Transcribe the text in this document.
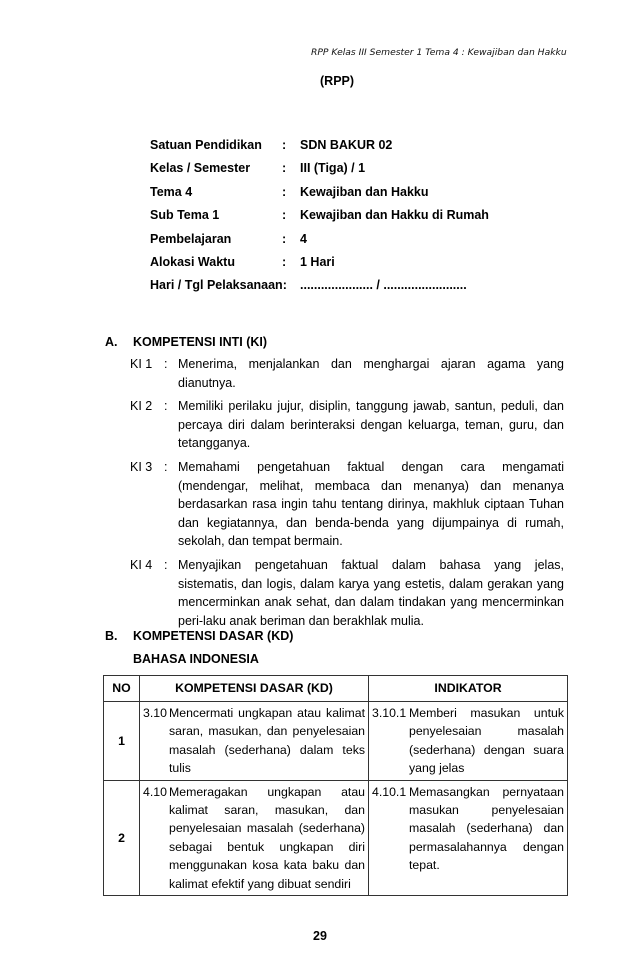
RPP Kelas III Semester 1 Tema 4 : Kewajiban dan Hakku
(RPP)
Satuan Pendidikan	:	SDN BAKUR 02
Kelas / Semester	:	III (Tiga) / 1
Tema 4	:	Kewajiban dan Hakku
Sub Tema 1	:	Kewajiban dan Hakku di Rumah
Pembelajaran	:	4
Alokasi Waktu	:	1 Hari
Hari / Tgl Pelaksanaan:	..................... / ........................
A. KOMPETENSI INTI (KI)
KI 1 : Menerima, menjalankan dan menghargai ajaran agama yang dianutnya.
KI 2 : Memiliki perilaku jujur, disiplin, tanggung jawab, santun, peduli, dan percaya diri dalam berinteraksi dengan keluarga, teman, guru, dan tetangganya.
KI 3 : Memahami pengetahuan faktual dengan cara mengamati (mendengar, melihat, membaca dan menanya) dan menanya berdasarkan rasa ingin tahu tentang dirinya, makhluk ciptaan Tuhan dan kegiatannya, dan benda-benda yang dijumpainya di rumah, sekolah, dan tempat bermain.
KI 4 : Menyajikan pengetahuan faktual dalam bahasa yang jelas, sistematis, dan logis, dalam karya yang estetis, dalam gerakan yang mencerminkan anak sehat, dan dalam tindakan yang mencerminkan peri-laku anak beriman dan berakhlak mulia.
B. KOMPETENSI DASAR (KD)
BAHASA INDONESIA
NO	KOMPETENSI DASAR (KD)	INDIKATOR
1	3.10 Mencermati ungkapan atau kalimat saran, masukan, dan penyelesaian masalah (sederhana) dalam teks tulis	3.10.1 Memberi masukan untuk penyelesaian masalah (sederhana) dengan suara yang jelas

2	4.10 Memeragakan ungkapan atau kalimat saran, masukan, dan penyelesaian masalah (sederhana) sebagai bentuk ungkapan diri menggunakan kosa kata baku dan kalimat efektif yang dibuat sendiri	4.10.1 Memasangkan pernyataan masukan penyelesaian masalah (sederhana) dan permasalahannya dengan tepat.
29
